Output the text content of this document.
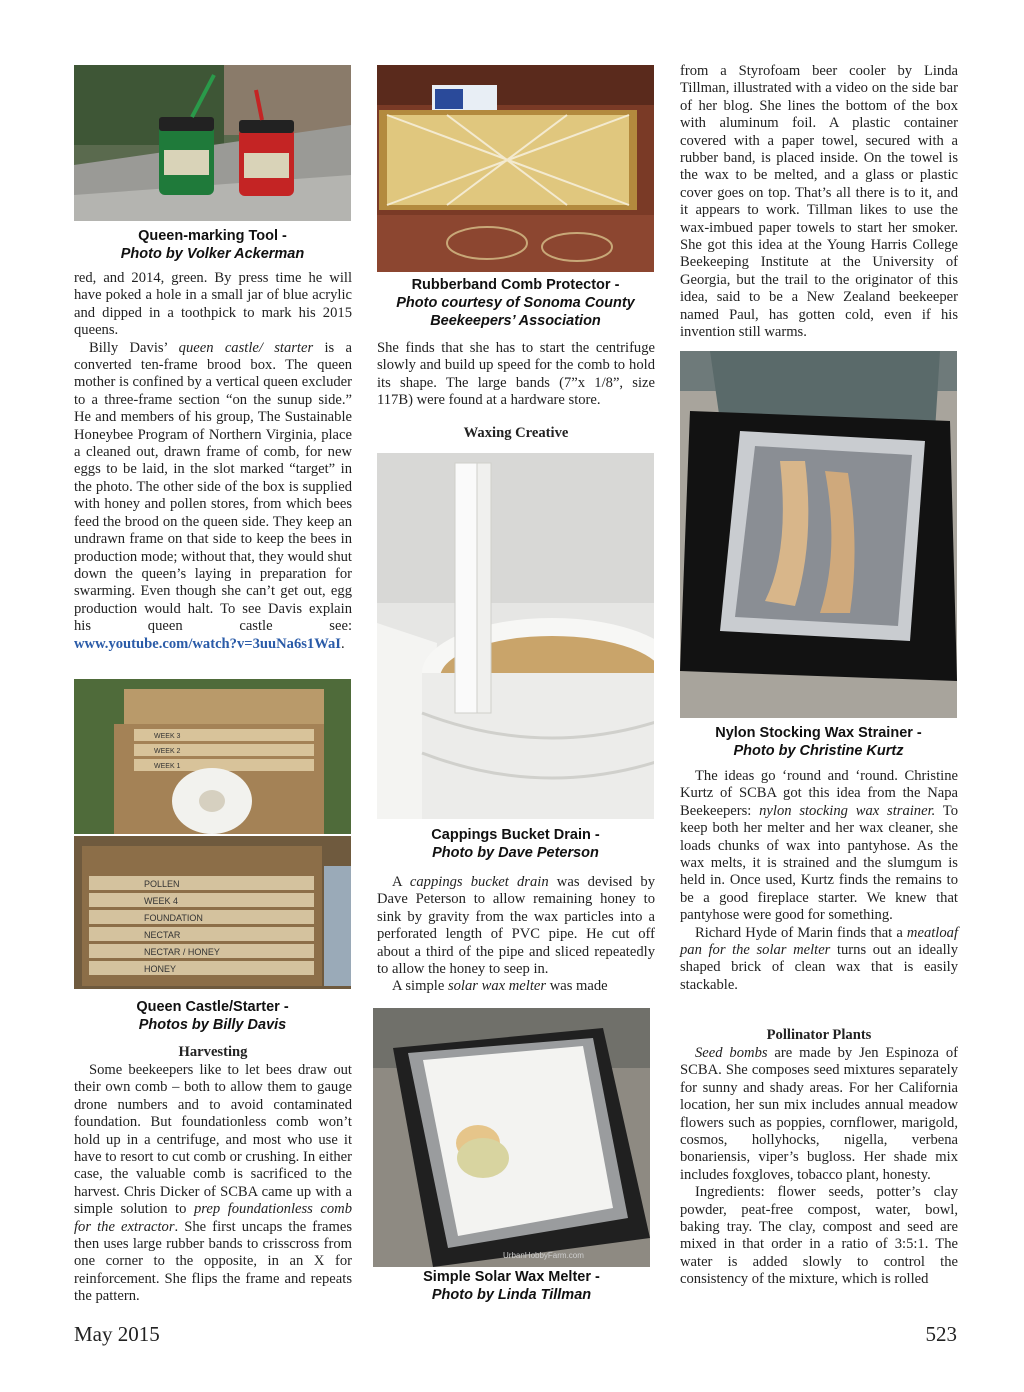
Queen-marking Tool -
Photo by Volker Ackerman

red, and 2014, green. By press time he will have poked a hole in a small jar of blue acrylic and dipped in a toothpick to mark his 2015 queens.

Billy Davis’ queen castle/ starter is a converted ten-frame brood box. The queen mother is confined by a vertical queen excluder to a three-frame section “on the sunup side.” He and members of his group, The Sustainable Honeybee Program of Northern Virginia, place a cleaned out, drawn frame of comb, for new eggs to be laid, in the slot marked “target” in the photo. The other side of the box is supplied with honey and pollen stores, from which bees feed the brood on the queen side. They keep an undrawn frame on that side to keep the bees in production mode; without that, they would shut down the queen’s laying in preparation for swarming. Even though she can’t get out, egg production would halt. To see Davis explain his queen castle see: www.youtube.com/watch?v=3uuNa6s1WaI.

WEEK 3
WEEK 2
WEEK 1
POLLEN
WEEK 4
FOUNDATION
NECTAR
NECTAR / HONEY
HONEY
Queen Castle/Starter -
Photos by Billy Davis
Harvesting

Some beekeepers like to let bees draw out their own comb – both to allow them to gauge drone numbers and to avoid contaminated foundation. But foundationless comb won’t hold up in a centrifuge, and most who use it have to resort to cut comb or crushing. In either case, the valuable comb is sacrificed to the harvest. Chris Dicker of SCBA came up with a simple solution to prep foundationless comb for the extractor. She first uncaps the frames then uses large rubber bands to crisscross from one corner to the opposite, in an X for reinforcement. She flips the frame and repeats the pattern.

Rubberband Comb Protector -
Photo courtesy of Sonoma County
Beekeepers’ Association

She finds that she has to start the centrifuge slowly and build up speed for the comb to hold its shape. The large bands (7”x 1/8”, size 117B) were found at a hardware store.

Waxing Creative
Cappings Bucket Drain -
Photo by Dave Peterson

A cappings bucket drain was devised by Dave Peterson to allow remaining honey to sink by gravity from the wax particles into a perforated length of PVC pipe. He cut off about a third of the pipe and sliced repeatedly to allow the honey to seep in.

A simple solar wax melter was made

UrbanHobbyFarm.com
Simple Solar Wax Melter -
Photo by Linda Tillman

from a Styrofoam beer cooler by Linda Tillman, illustrated with a video on the side bar of her blog. She lines the bottom of the box with aluminum foil. A plastic container covered with a paper towel, secured with a rubber band, is placed inside. On the towel is the wax to be melted, and a glass or plastic cover goes on top. That’s all there is to it, and it appears to work. Tillman likes to use the wax-imbued paper towels to start her smoker. She got this idea at the Young Harris College Beekeeping Institute at the University of Georgia, but the trail to the originator of this idea, said to be a New Zealand beekeeper named Paul, has gotten cold, even if his invention still warms.

Nylon Stocking Wax Strainer -
Photo by Christine Kurtz

The ideas go ‘round and ‘round. Christine Kurtz of SCBA got this idea from the Napa Beekeepers: nylon stocking wax strainer. To keep both her melter and her wax cleaner, she loads chunks of wax into pantyhose. As the wax melts, it is strained and the slumgum is held in. Once used, Kurtz finds the remains to be a good fireplace starter. We knew that pantyhose were good for something.

Richard Hyde of Marin finds that a meatloaf pan for the solar melter turns out an ideally shaped brick of clean wax that is easily stackable.

Pollinator Plants

Seed bombs are made by Jen Espinoza of SCBA. She composes seed mixtures separately for sunny and shady areas. For her California location, her sun mix includes annual meadow flowers such as poppies, cornflower, marigold, cosmos, hollyhocks, nigella, verbena bonariensis, viper’s bugloss. Her shade mix includes foxgloves, tobacco plant, honesty.

Ingredients: flower seeds, potter’s clay powder, peat-free compost, water, bowl, baking tray. The clay, compost and seed are mixed in that order in a ratio of 3:5:1. The water is added slowly to control the consistency of the mixture, which is rolled

May 2015	523
